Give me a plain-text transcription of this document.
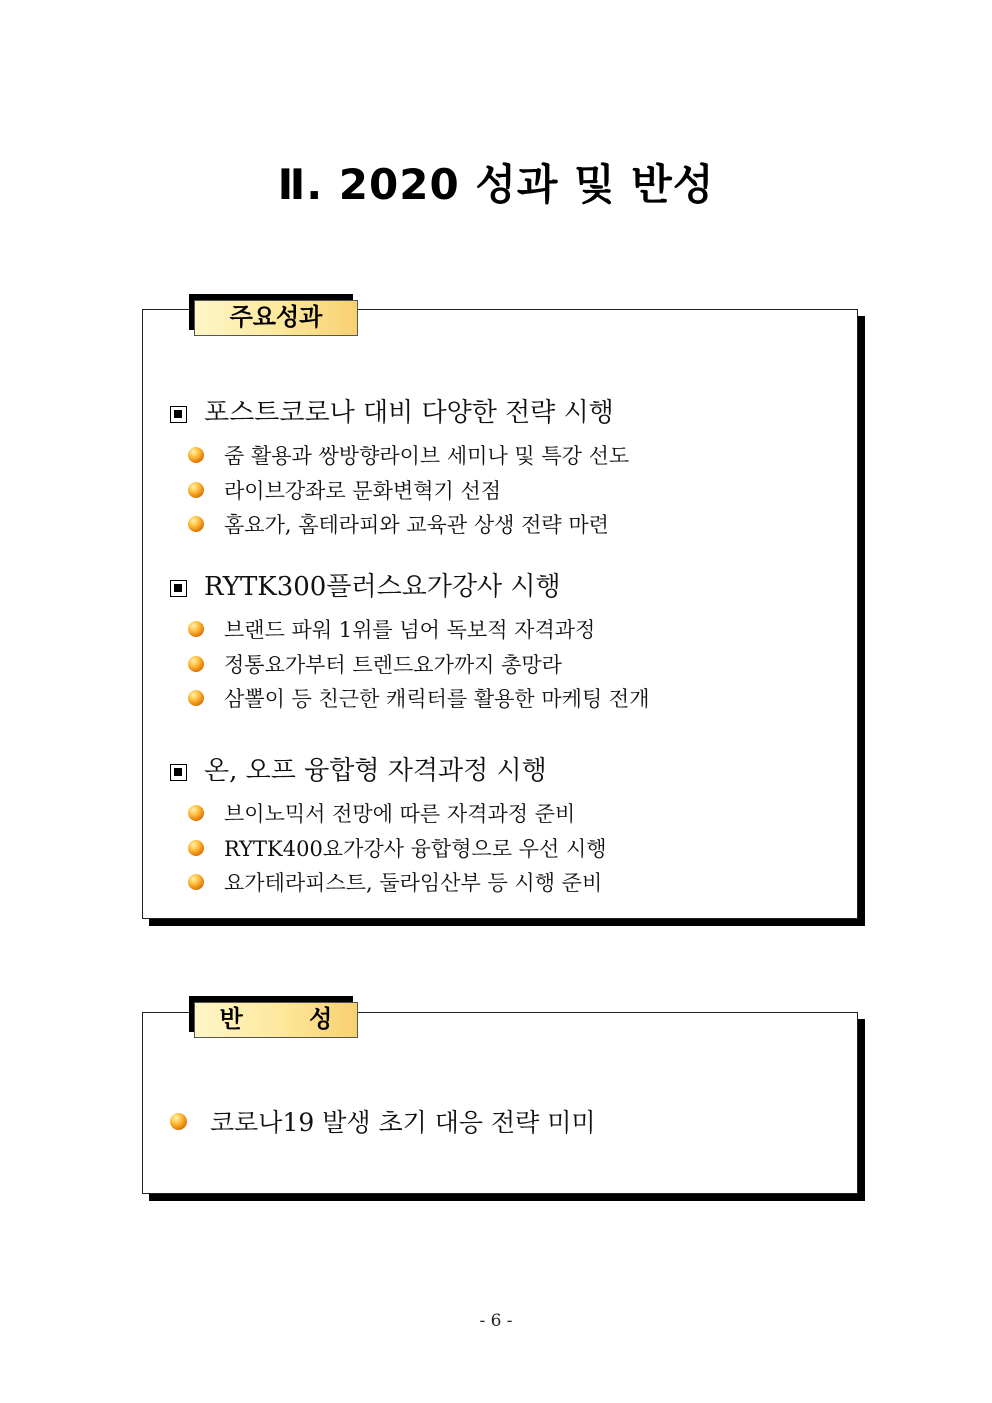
Ⅱ. 2020 성과 및 반성
주요성과
포스트코로나 대비 다양한 전략 시행
줌 활용과 쌍방향라이브 세미나 및 특강 선도
라이브강좌로 문화변혁기 선점
홈요가, 홈테라피와 교육관 상생 전략 마련
RYTK300플러스요가강사 시행
브랜드 파워 1위를 넘어 독보적 자격과정
정통요가부터 트렌드요가까지 총망라
삼뽈이 등 친근한 캐릭터를 활용한 마케팅 전개
온, 오프 융합형 자격과정 시행
브이노믹서 전망에 따른 자격과정 준비
RYTK400요가강사 융합형으로 우선 시행
요가테라피스트, 둘라임산부 등 시행 준비
반 성
코로나19 발생 초기 대응 전략 미미
- 6 -
